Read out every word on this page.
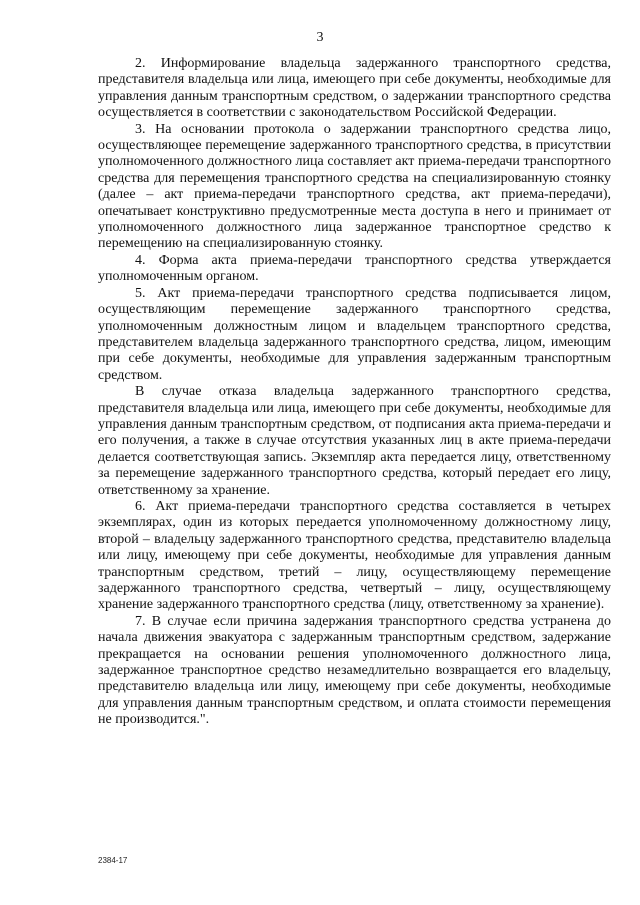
3

2. Информирование владельца задержанного транспортного средства, представителя владельца или лица, имеющего при себе документы, необходимые для управления данным транспортным средством, о задержании транспортного средства осуществляется в соответствии с законодательством Российской Федерации.

3. На основании протокола о задержании транспортного средства лицо, осуществляющее перемещение задержанного транспортного средства, в присутствии уполномоченного должностного лица составляет акт приема-передачи транспортного средства для перемещения транспортного средства на специализированную стоянку (далее – акт приема-передачи транспортного средства, акт приема-передачи), опечатывает конструктивно предусмотренные места доступа в него и принимает от уполномоченного должностного лица задержанное транспортное средство к перемещению на специализированную стоянку.

4. Форма акта приема-передачи транспортного средства утверждается уполномоченным органом.

5. Акт приема-передачи транспортного средства подписывается лицом, осуществляющим перемещение задержанного транспортного средства, уполномоченным должностным лицом и владельцем транспортного средства, представителем владельца задержанного транспортного средства, лицом, имеющим при себе документы, необходимые для управления задержанным транспортным средством.

В случае отказа владельца задержанного транспортного средства, представителя владельца или лица, имеющего при себе документы, необходимые для управления данным транспортным средством, от подписания акта приема-передачи и его получения, а также в случае отсутствия указанных лиц в акте приема-передачи делается соответствующая запись. Экземпляр акта передается лицу, ответственному за перемещение задержанного транспортного средства, который передает его лицу, ответственному за хранение.

6. Акт приема-передачи транспортного средства составляется в четырех экземплярах, один из которых передается уполномоченному должностному лицу, второй – владельцу задержанного транспортного средства, представителю владельца или лицу, имеющему при себе документы, необходимые для управления данным транспортным средством, третий – лицу, осуществляющему перемещение задержанного транспортного средства, четвертый – лицу, осуществляющему хранение задержанного транспортного средства (лицу, ответственному за хранение).

7. В случае если причина задержания транспортного средства устранена до начала движения эвакуатора с задержанным транспортным средством, задержание прекращается на основании решения уполномоченного должностного лица, задержанное транспортное средство незамедлительно возвращается его владельцу, представителю владельца или лицу, имеющему при себе документы, необходимые для управления данным транспортным средством, и оплата стоимости перемещения не производится.".

2384-17
